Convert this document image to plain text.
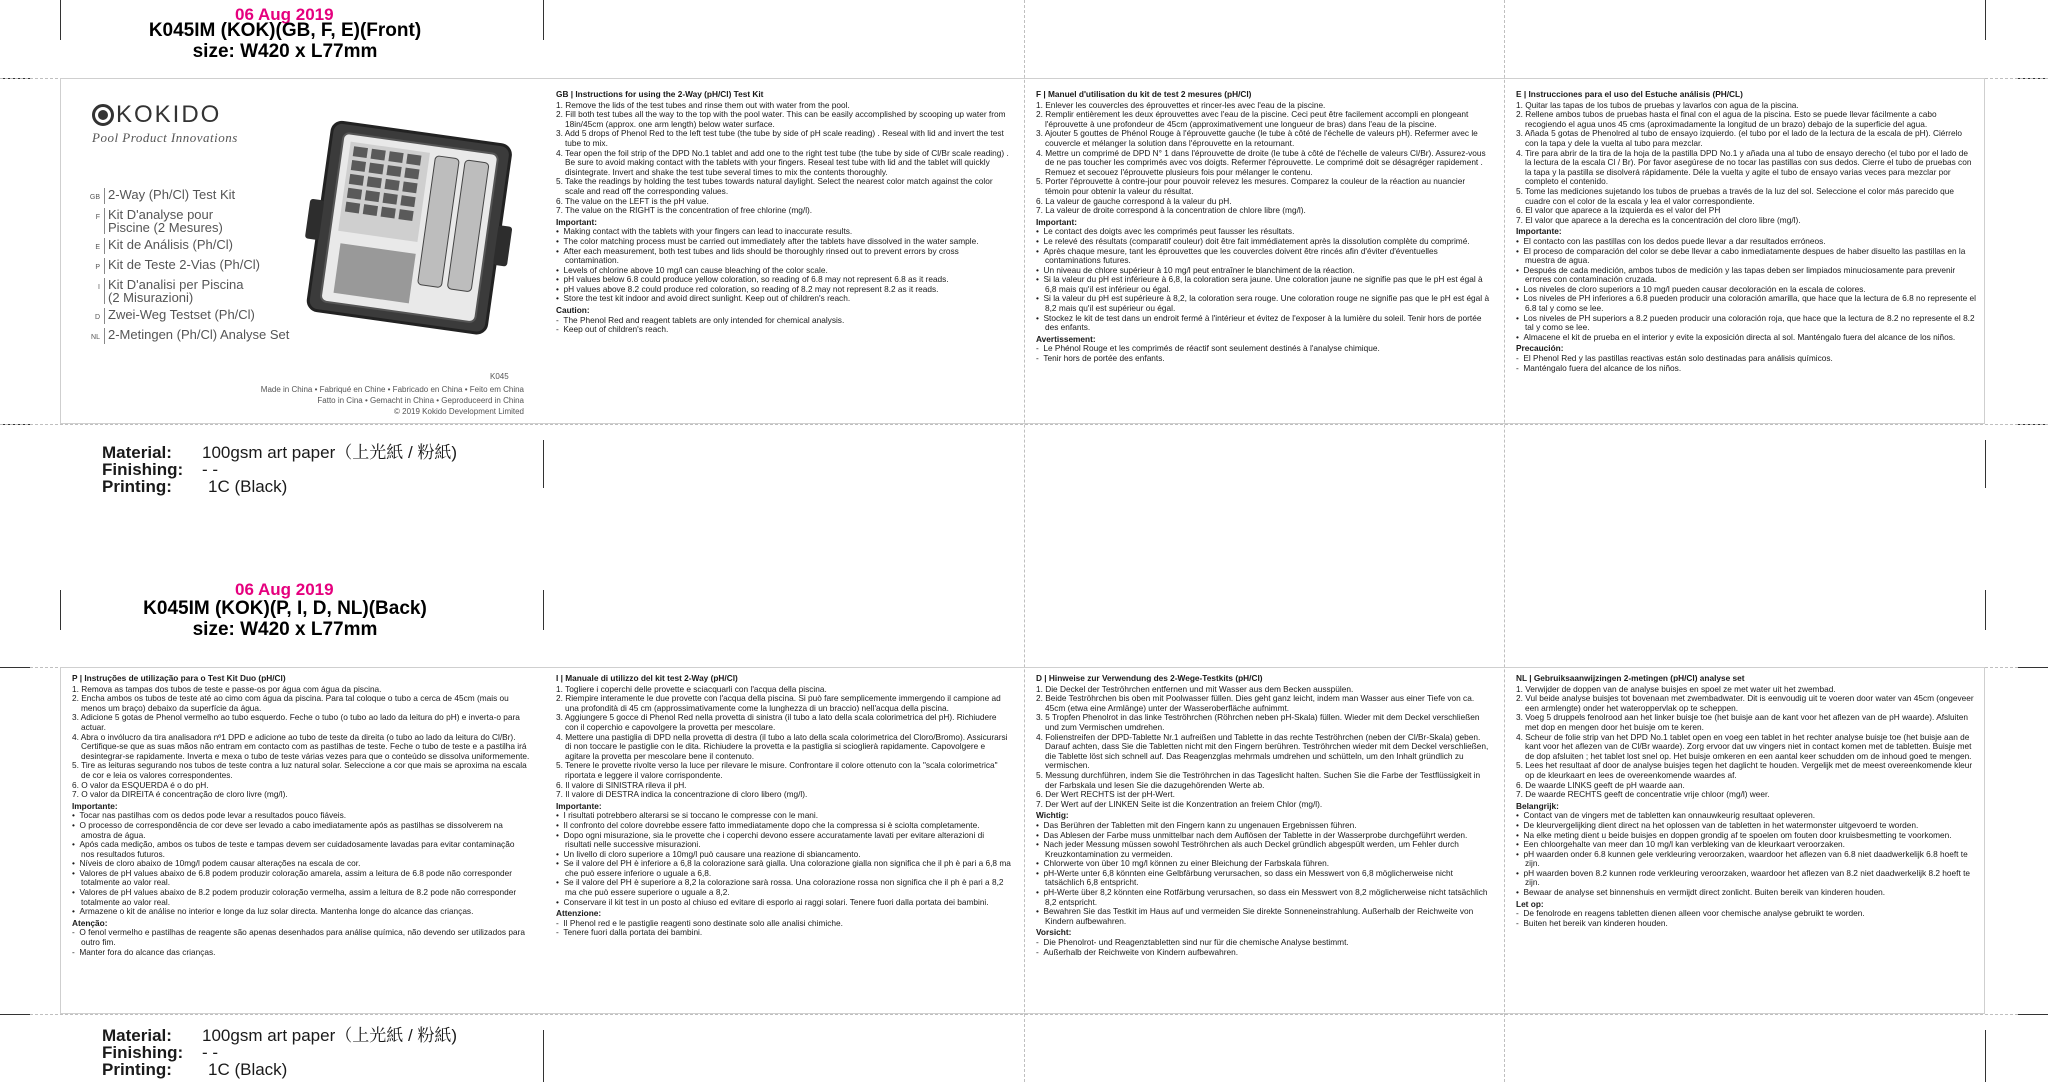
06 Aug 2019
K045IM (KOK)(GB, F, E)(Front)
size: W420 x L77mm
KOKIDO
Pool Product Innovations
GB 2-Way (Ph/Cl) Test Kit
F Kit D'analyse pour Piscine (2 Mesures)
E Kit de Análisis (Ph/Cl)
P Kit de Teste 2-Vias (Ph/Cl)
I Kit D'analisi per Piscina (2 Misurazioni)
D Zwei-Weg Testset (Ph/Cl)
NL 2-Metingen (Ph/Cl) Analyse Set
K045
Made in China • Fabriqué en Chine • Fabricado en China • Feito em China
Fatto in Cina • Gemacht in China • Geproduceerd in China
© 2019 Kokido Development Limited
GB | Instructions for using the 2-Way (pH/Cl) Test Kit
1. Remove the lids of the test tubes and rinse them out with water from the pool.
2. Fill both test tubes all the way to the top with the pool water. This can be easily accomplished by scooping up water from 18in/45cm (approx. one arm length) below water surface.
3. Add 5 drops of Phenol Red to the left test tube (the tube by side of pH scale reading) . Reseal with lid and invert the test tube to mix.
4. Tear open the foil strip of the DPD No.1 tablet and add one to the right test tube (the tube by side of Cl/Br scale reading) . Be sure to avoid making contact with the tablets with your fingers. Reseal test tube with lid and the tablet will quickly disintegrate. Invert and shake the test tube several times to mix the contents thoroughly.
5. Take the readings by holding the test tubes towards natural daylight. Select the nearest color match against the color scale and read off the corresponding values.
6. The value on the LEFT is the pH value.
7. The value on the RIGHT is the concentration of free chlorine (mg/l).
Important:
•  Making contact with the tablets with your fingers can lead to inaccurate results.
•  The color matching process must be carried out immediately after the tablets have dissolved in the water sample.
•  After each measurement, both test tubes and lids should be thoroughly rinsed out to prevent errors by cross contamination.
•  Levels of chlorine above 10 mg/l can cause bleaching of the color scale.
•  pH values below 6.8 could produce yellow coloration, so reading of 6.8 may not represent 6.8 as it reads.
•  pH values above 8.2 could produce red coloration, so reading of 8.2 may not represent 8.2 as it reads.
•  Store the test kit indoor and avoid direct sunlight. Keep out of children's reach.
Caution:
-  The Phenol Red and reagent tablets are only intended for chemical analysis.
-  Keep out of children's reach.
F | Manuel d'utilisation du kit de test 2 mesures (pH/Cl)
1. Enlever les couvercles des éprouvettes et rincer-les avec l'eau de la piscine.
2. Remplir entièrement les deux éprouvettes avec l'eau de la piscine. Ceci peut être facilement accompli en plongeant l'éprouvette à une profondeur de 45cm (approximativement une longueur de bras) dans l'eau de la piscine.
3. Ajouter 5 gouttes de Phénol Rouge à l'éprouvette gauche (le tube à côté de l'échelle de valeurs pH). Refermer avec le couvercle et mélanger la solution dans l'éprouvette en la retournant.
4. Mettre un comprimé de DPD N° 1 dans l'éprouvette de droite (le tube à côté de l'échelle de valeurs Cl/Br). Assurez-vous de ne pas toucher les comprimés avec vos doigts. Refermer l'éprouvette. Le comprimé doit se désagréger rapidement . Remuez et secouez l'éprouvette plusieurs fois pour mélanger le contenu.
5. Porter l'éprouvette à contre-jour pour pouvoir relevez les mesures. Comparez la couleur de la réaction au nuancier témoin pour obtenir la valeur du résultat.
6. La valeur de gauche correspond à la valeur du pH.
7. La valeur de droite correspond à la concentration de chlore libre (mg/l).
Important:
•  Le contact des doigts avec les comprimés peut fausser les résultats.
•  Le relevé des résultats (comparatif couleur) doit être fait immédiatement après la dissolution complète du comprimé.
•  Après chaque mesure, tant les éprouvettes que les couvercles doivent être rincés afin d'éviter d'éventuelles contaminations futures.
•  Un niveau de chlore supérieur à 10 mg/l peut entraîner le blanchiment de la réaction.
•  Si la valeur du pH est inférieure à 6,8, la coloration sera jaune. Une coloration jaune ne signifie pas que le pH est égal à 6,8 mais qu'il est inférieur ou égal.
•  Si la valeur du pH est supérieure à 8,2, la coloration sera rouge. Une coloration rouge ne signifie pas que le pH est égal à 8,2 mais qu'il est supérieur ou égal.
•  Stockez le kit de test dans un endroit fermé à l'intérieur et évitez de l'exposer à la lumière du soleil. Tenir hors de portée des enfants.
Avertissement:
-  Le Phénol Rouge et les comprimés de réactif sont seulement destinés à l'analyse chimique.
-  Tenir hors de portée des enfants.
E | Instrucciones para el uso del Estuche análisis (PH/CL)
1. Quitar las tapas de los tubos de pruebas y lavarlos con agua de la piscina.
2. Rellene ambos tubos de pruebas hasta el final con el agua de la piscina. Esto se puede llevar fácilmente a cabo recogiendo el agua unos 45 cms (aproximadamente la longitud de un brazo) debajo de la superficie del agua.
3. Añada 5 gotas de Phenolred al tubo de ensayo izquierdo. (el tubo por el lado de la lectura de la escala de pH). Ciérrelo con la tapa y dele la vuelta al tubo para mezclar.
4. Tire para abrir de la tira de la hoja de la pastilla DPD No.1 y añada una al tubo de ensayo derecho (el tubo por el lado de la lectura de la escala Cl / Br). Por favor asegúrese de no tocar las pastillas con sus dedos. Cierre el tubo de pruebas con la tapa y la pastilla se disolverá rápidamente. Déle la vuelta y agite el tubo de ensayo varias veces para mezclar por completo el contenido.
5. Tome las mediciones sujetando los tubos de pruebas a través de la luz del sol. Seleccione el color más parecido que cuadre con el color de la escala y lea el valor correspondiente.
6. El valor que aparece a la izquierda es el valor del PH
7. El valor que aparece a la derecha es la concentración del cloro libre (mg/l).
Importante:
•  El contacto con las pastillas con los dedos puede llevar a dar resultados erróneos.
•  El proceso de comparación del color se debe llevar a cabo inmediatamente despues de haber disuelto las pastillas en la muestra de agua.
•  Después de cada medición, ambos tubos de medición y las tapas deben ser limpiados minuciosamente para prevenir errores con contaminación cruzada.
•  Los niveles de cloro superiors a 10 mg/l pueden causar decoloración en la escala de colores.
•  Los niveles de PH inferiores a 6.8 pueden producir una coloración amarilla, que hace que la lectura de 6.8 no represente el 6.8 tal y como se lee.
•  Los niveles de PH superiors a 8.2 pueden producir una coloración roja, que hace que la lectura de 8.2 no represente el 8.2 tal y como se lee.
•  Almacene el kit de prueba en el interior y evite la exposición directa al sol. Manténgalo fuera del alcance de los niños.
Precaución:
-  El Phenol Red y las pastillas reactivas están solo destinadas para análisis químicos.
-  Manténgalo fuera del alcance de los niños.
Material:	100gsm art paper（上光紙 / 粉紙)
Finishing:	- -
Printing:	1C (Black)
06 Aug 2019
K045IM (KOK)(P, I, D, NL)(Back)
size: W420 x L77mm
P | Instruções de utilização para o Test Kit Duo (pH/Cl)
1. Remova as tampas dos tubos de teste e passe-os por água com água da piscina.
2. Encha ambos os tubos de teste até ao cimo com água da piscina. Para tal coloque o tubo a cerca de 45cm (mais ou menos um braço) debaixo da superfície da água.
3. Adicione 5 gotas de Phenol vermelho ao tubo esquerdo. Feche o tubo (o tubo ao lado da leitura do pH) e inverta-o para actuar.
4. Abra o invólucro da tira analisadora nº1 DPD e adicione ao tubo de teste da direita (o tubo ao lado da leitura do Cl/Br). Certifique-se que as suas mãos não entram em contacto com as pastilhas de teste. Feche o tubo de teste e a pastilha irá desintegrar-se rapidamente. Inverta e mexa o tubo de teste várias vezes para que o conteúdo se dissolva uniformemente.
5. Tire as leituras segurando nos tubos de teste contra a luz natural solar. Seleccione a cor que mais se aproxima na escala de cor e leia os valores correspondentes.
6. O valor da ESQUERDA é o do pH.
7. O valor da DIREITA é concentração de cloro livre (mg/l).
Importante:
•  Tocar nas pastilhas com os dedos pode levar a resultados pouco fiáveis.
•  O processo de correspondência de cor deve ser levado a cabo imediatamente após as pastilhas se dissolverem na amostra de água.
•  Após cada medição, ambos os tubos de teste e tampas devem ser cuidadosamente lavadas para evitar contaminação nos resultados futuros.
•  Níveis de cloro abaixo de 10mg/l podem causar alterações na escala de cor.
•  Valores de pH values abaixo de 6.8 podem produzir coloração amarela, assim a leitura de 6.8 pode não corresponder totalmente ao valor real.
•  Valores de pH values abaixo de 8.2 podem produzir coloração vermelha, assim a leitura de 8.2 pode não corresponder totalmente ao valor real.
•  Armazene o kit de análise no interior e longe da luz solar directa. Mantenha longe do alcance das crianças.
Atenção:
-  O fenol vermelho e pastilhas de reagente são apenas desenhados para análise química, não devendo ser utilizados para outro fim.
-  Manter fora do alcance das crianças.
I | Manuale di utilizzo del kit test 2-Way (pH/Cl)
1. Togliere i coperchi delle provette e sciacquarli con l'acqua della piscina.
2. Riempire interamente le due provette con l'acqua della piscina. Si può fare semplicemente immergendo il campione ad una profondità di 45 cm (approssimativamente come la lunghezza di un braccio) nell'acqua della piscina.
3. Aggiungere 5 gocce di Phenol Red nella provetta di sinistra (il tubo a lato della scala colorimetrica del pH). Richiudere con il coperchio e capovolgere la provetta per mescolare.
4. Mettere una pastiglia di DPD nella provetta di destra (il tubo a lato della scala colorimetrica del Cloro/Bromo). Assicurarsi di non toccare le pastiglie con le dita. Richiudere la provetta e la pastiglia si scioglierà rapidamente. Capovolgere e agitare la provetta per mescolare bene il contenuto.
5. Tenere le provette rivolte verso la luce per rilevare le misure. Confrontare il colore ottenuto con la "scala colorimetrica" riportata e leggere il valore corrispondente.
6. Il valore di SINISTRA rileva il pH.
7. Il valore di DESTRA indica la concentrazione di cloro libero (mg/l).
Importante:
•  I risultati potrebbero alterarsi se si toccano le compresse con le mani.
•  Il confronto del colore dovrebbe essere fatto immediatamente dopo che la compressa si è sciolta completamente.
•  Dopo ogni misurazione, sia le provette che i coperchi devono essere accuratamente lavati per evitare alterazioni di risultati nelle successive misurazioni.
•  Un livello di cloro superiore a 10mg/l può causare una reazione di sbiancamento.
•  Se il valore del PH è inferiore a 6,8 la colorazione sarà gialla. Una colorazione gialla non significa che il ph è pari a 6,8 ma che può essere inferiore o uguale a 6,8.
•  Se il valore del PH è superiore a 8,2 la colorazione sarà rossa. Una colorazione rossa non significa che il ph è pari a 8,2 ma che può essere superiore o uguale a 8,2.
•  Conservare il kit test in un posto al chiuso ed evitare di esporlo ai raggi solari. Tenere fuori dalla portata dei bambini.
Attenzione:
-  Il Phenol red e le pastiglie reagenti sono destinate solo alle analisi chimiche.
-  Tenere fuori dalla portata dei bambini.
D | Hinweise zur Verwendung des 2-Wege-Testkits (pH/Cl)
1. Die Deckel der Teströhrchen entfernen und mit Wasser aus dem Becken ausspülen.
2. Beide Teströhrchen bis oben mit Poolwasser füllen. Dies geht ganz leicht, indem man Wasser aus einer Tiefe von ca. 45cm (etwa eine Armlänge) unter der Wasseroberfläche aufnimmt.
3. 5 Tropfen Phenolrot in das linke Teströhrchen (Röhrchen neben pH-Skala) füllen. Wieder mit dem Deckel verschließen und zum Vermischen umdrehen.
4. Folienstreifen der DPD-Tablette Nr.1 aufreißen und Tablette in das rechte Teströhrchen (neben der Cl/Br-Skala) geben. Darauf achten, dass Sie die Tabletten nicht mit den Fingern berühren. Teströhrchen wieder mit dem Deckel verschließen, die Tablette löst sich schnell auf. Das Reagenzglas mehrmals umdrehen und schütteln, um den Inhalt gründlich zu vermischen.
5. Messung durchführen, indem Sie die Teströhrchen in das Tageslicht halten. Suchen Sie die Farbe der Testflüssigkeit in der Farbskala und lesen Sie die dazugehörenden Werte ab.
6. Der Wert RECHTS ist der pH-Wert.
7. Der Wert auf der LINKEN Seite ist die Konzentration an freiem Chlor (mg/l).
Wichtig:
•  Das Berühren der Tabletten mit den Fingern kann zu ungenauen Ergebnissen führen.
•  Das Ablesen der Farbe muss unmittelbar nach dem Auflösen der Tablette in der Wasserprobe durchgeführt werden.
•  Nach jeder Messung müssen sowohl Teströhrchen als auch Deckel gründlich abgespült werden, um Fehler durch Kreuzkontamination zu vermeiden.
•  Chlorwerte von über 10 mg/l können zu einer Bleichung der Farbskala führen.
•  pH-Werte unter 6,8 könnten eine Gelbfärbung verursachen, so dass ein Messwert von 6,8 möglicherweise nicht tatsächlich 6,8 entspricht.
•  pH-Werte über 8,2 könnten eine Rotfärbung verursachen, so dass ein Messwert von 8,2 möglicherweise nicht tatsächlich 8,2 entspricht.
•  Bewahren Sie das Testkit im Haus auf und vermeiden Sie direkte Sonneneinstrahlung. Außerhalb der Reichweite von Kindern aufbewahren.
Vorsicht:
-  Die Phenolrot- und Reagenztabletten sind nur für die chemische Analyse bestimmt.
-  Außerhalb der Reichweite von Kindern aufbewahren.
NL | Gebruiksaanwijzingen 2-metingen (pH/Cl) analyse set
1. Verwijder de doppen van de analyse buisjes en spoel ze met water uit het zwembad.
2. Vul beide analyse buisjes tot bovenaan met zwembadwater. Dit is eenvoudig uit te voeren door water van 45cm (ongeveer een armlengte) onder het wateroppervlak op te scheppen.
3. Voeg 5 druppels fenolrood aan het linker buisje toe (het buisje aan de kant voor het aflezen van de pH waarde). Afsluiten met dop en mengen door het buisje om te keren.
4. Scheur de folie strip van het DPD No.1 tablet open en voeg een tablet in het rechter analyse buisje toe (het buisje aan de kant voor het aflezen van de Cl/Br waarde). Zorg ervoor dat uw vingers niet in contact komen met de tabletten. Buisje met de dop afsluiten ; het tablet lost snel op. Het buisje omkeren en een aantal keer schudden om de inhoud goed te mengen.
5. Lees het resultaat af door de analyse buisjes tegen het daglicht te houden. Vergelijk met de meest overeenkomende kleur op de kleurkaart en lees de overeenkomende waardes af.
6. De waarde LINKS geeft de pH waarde aan.
7. De waarde RECHTS geeft de concentratie vrije chloor (mg/l) weer.
Belangrijk:
•  Contact van de vingers met de tabletten kan onnauwkeurig resultaat opleveren.
•  De kleurvergelijking dient direct na het oplossen van de tabletten in het watermonster uitgevoerd te worden.
•  Na elke meting dient u beide buisjes en doppen grondig af te spoelen om fouten door kruisbesmetting te voorkomen.
•  Een chloorgehalte van meer dan 10 mg/l kan verbleking van de kleurkaart veroorzaken.
•  pH waarden onder 6.8 kunnen gele verkleuring veroorzaken, waardoor het aflezen van 6.8 niet daadwerkelijk 6.8 hoeft te zijn.
•  pH waarden boven 8.2 kunnen rode verkleuring veroorzaken, waardoor het aflezen van 8.2 niet daadwerkelijk 8.2 hoeft te zijn.
•  Bewaar de analyse set binnenshuis en vermijdt direct zonlicht. Buiten bereik van kinderen houden.
Let op:
-  De fenolrode en reagens tabletten dienen alleen voor chemische analyse gebruikt te worden.
-  Buiten het bereik van kinderen houden.
Material:	100gsm art paper（上光紙 / 粉紙)
Finishing:	- -
Printing:	1C (Black)
